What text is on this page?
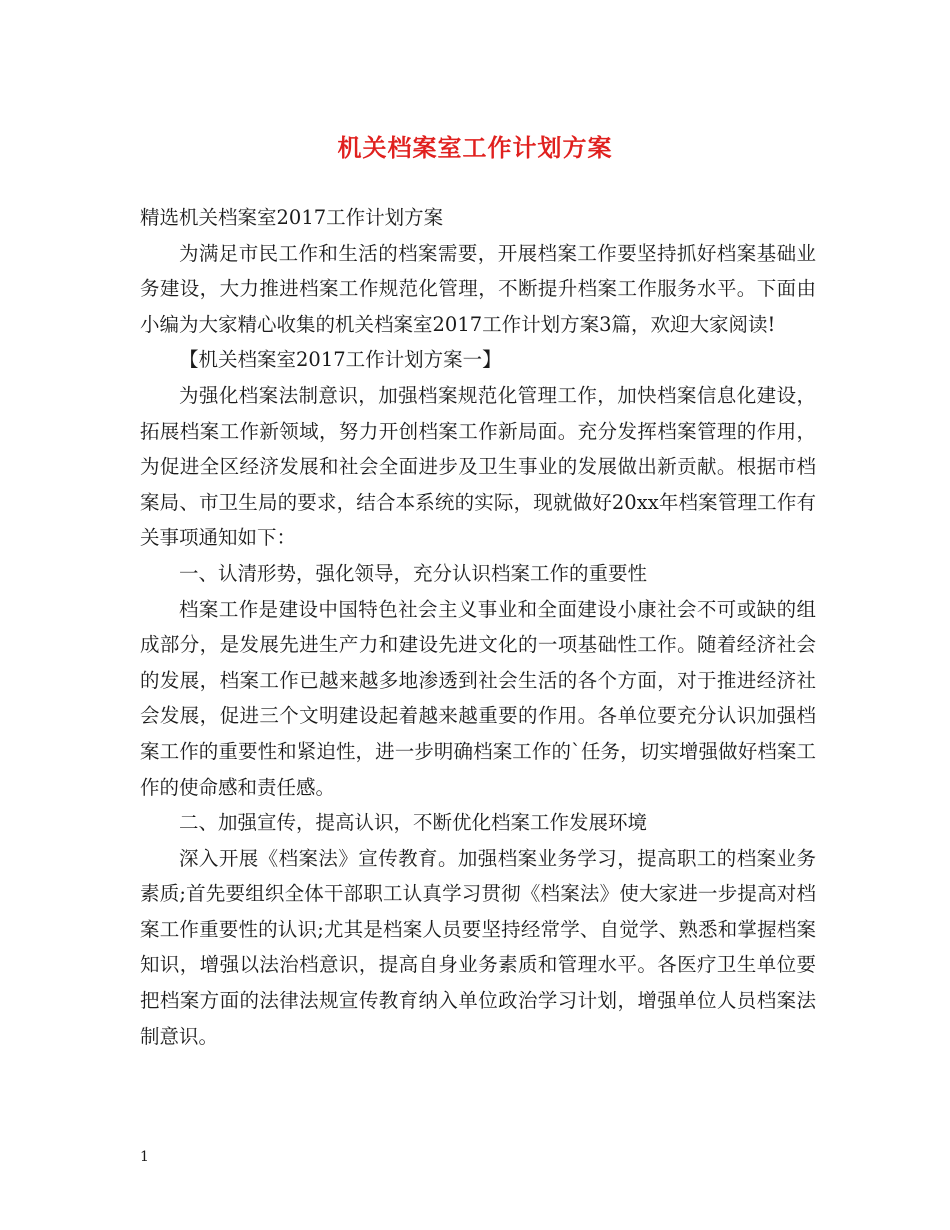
机关档案室工作计划方案

精选机关档案室2017工作计划方案

为满足市民工作和生活的档案需要，开展档案工作要坚持抓好档案基础业务建设，大力推进档案工作规范化管理，不断提升档案工作服务水平。下面由小编为大家精心收集的机关档案室2017工作计划方案3篇，欢迎大家阅读!

【机关档案室2017工作计划方案一】

为强化档案法制意识，加强档案规范化管理工作，加快档案信息化建设，拓展档案工作新领域，努力开创档案工作新局面。充分发挥档案管理的作用，为促进全区经济发展和社会全面进步及卫生事业的发展做出新贡献。根据市档案局、市卫生局的要求，结合本系统的实际，现就做好20xx年档案管理工作有关事项通知如下：

一、认清形势，强化领导，充分认识档案工作的重要性

档案工作是建设中国特色社会主义事业和全面建设小康社会不可或缺的组成部分，是发展先进生产力和建设先进文化的一项基础性工作。随着经济社会的发展，档案工作已越来越多地渗透到社会生活的各个方面，对于推进经济社会发展，促进三个文明建设起着越来越重要的作用。各单位要充分认识加强档案工作的重要性和紧迫性，进一步明确档案工作的`任务，切实增强做好档案工作的使命感和责任感。

二、加强宣传，提高认识，不断优化档案工作发展环境

深入开展《档案法》宣传教育。加强档案业务学习，提高职工的档案业务素质;首先要组织全体干部职工认真学习贯彻《档案法》使大家进一步提高对档案工作重要性的认识;尤其是档案人员要坚持经常学、自觉学、熟悉和掌握档案知识，增强以法治档意识，提高自身业务素质和管理水平。各医疗卫生单位要把档案方面的法律法规宣传教育纳入单位政治学习计划，增强单位人员档案法制意识。

1
